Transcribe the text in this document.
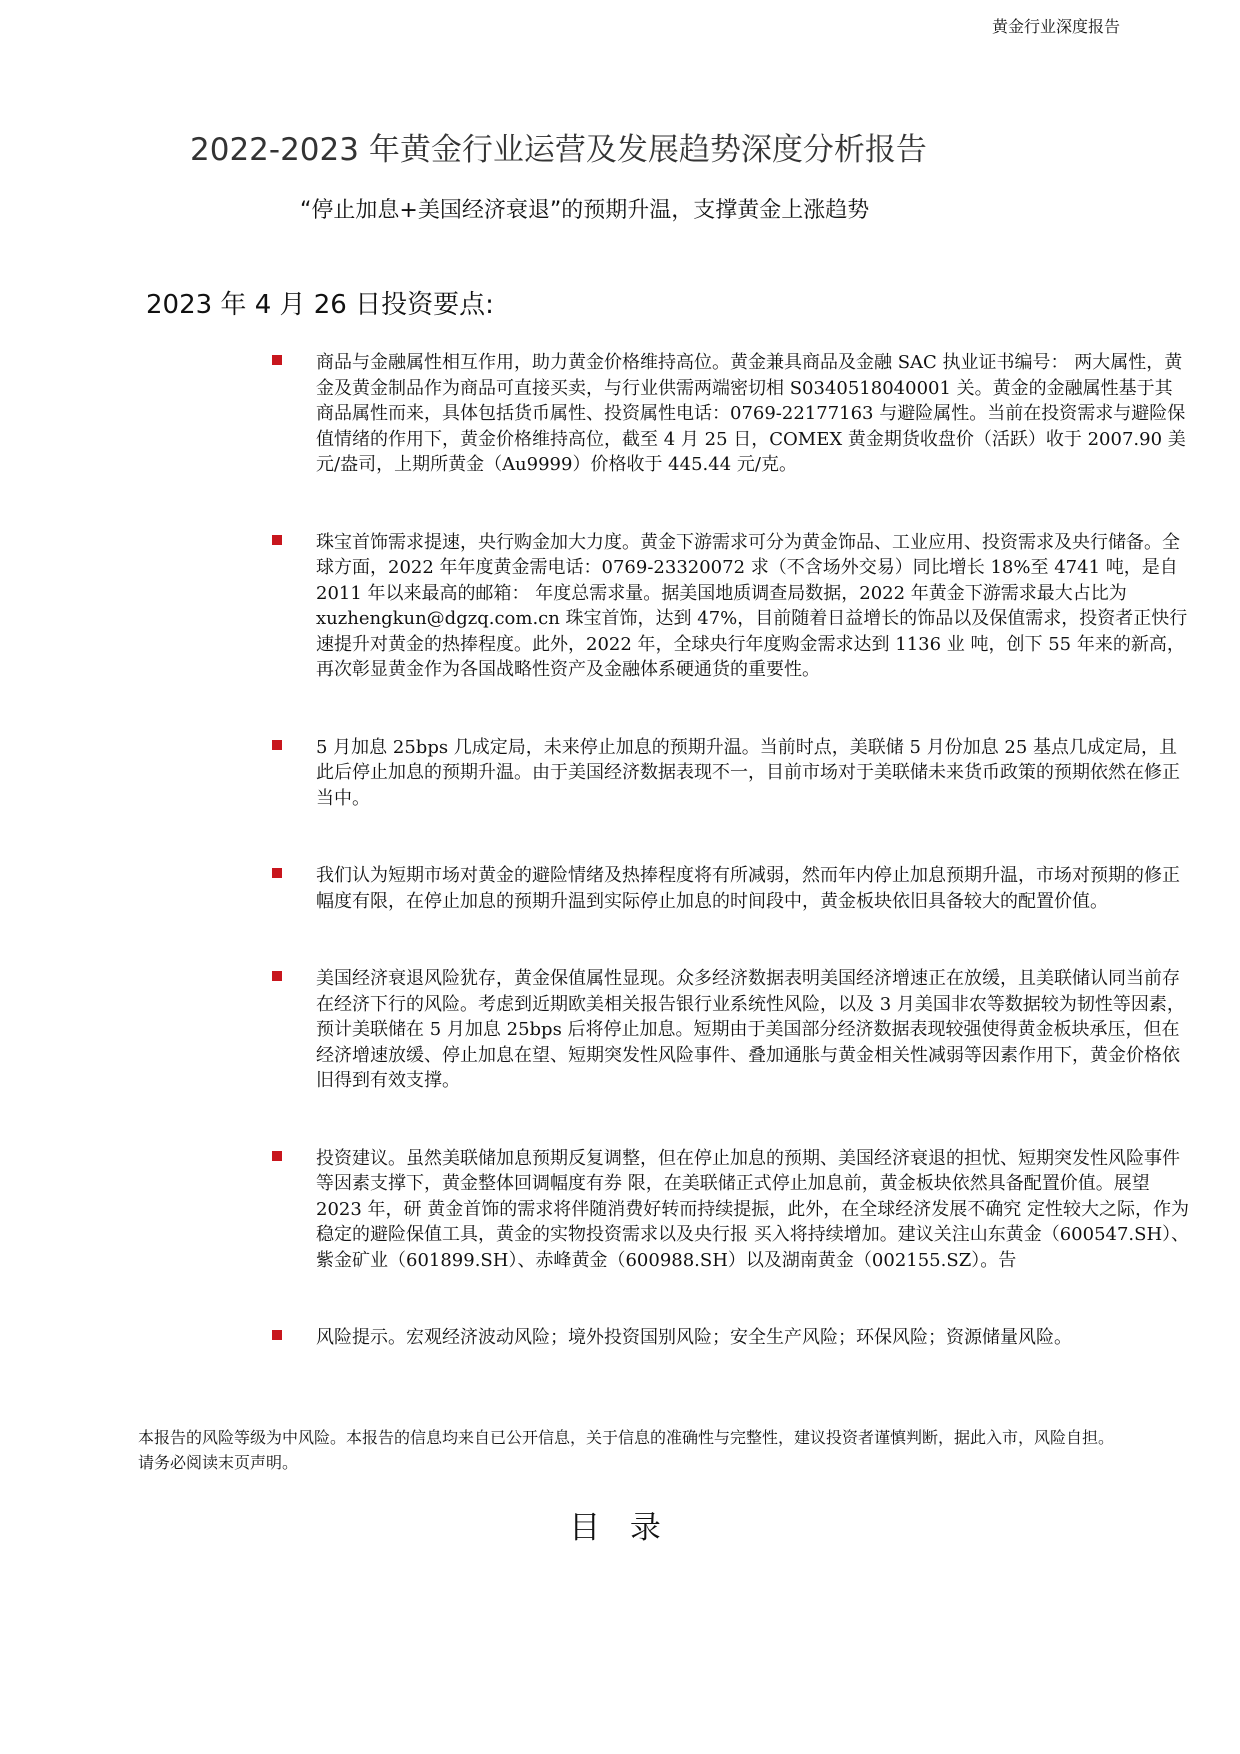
黄金行业深度报告
2022-2023 年黄金行业运营及发展趋势深度分析报告
“停止加息+美国经济衰退”的预期升温，支撑黄金上涨趋势
2023 年 4 月 26 日投资要点:
商品与金融属性相互作用，助力黄金价格维持高位。黄金兼具商品及金融 SAC 执业证书编号： 两大属性，黄金及黄金制品作为商品可直接买卖，与行业供需两端密切相 S0340518040001 关。黄金的金融属性基于其商品属性而来，具体包括货币属性、投资属性电话：0769-22177163 与避险属性。当前在投资需求与避险保值情绪的作用下，黄金价格维持高位，截至 4 月 25 日，COMEX 黄金期货收盘价（活跃）收于 2007.90 美元/盎司，上期所黄金（Au9999）价格收于 445.44 元/克。
珠宝首饰需求提速，央行购金加大力度。黄金下游需求可分为黄金饰品、工业应用、投资需求及央行储备。全球方面，2022 年年度黄金需电话：0769-23320072 求（不含场外交易）同比增长 18%至 4741 吨，是自 2011 年以来最高的邮箱： 年度总需求量。据美国地质调查局数据，2022 年黄金下游需求最大占比为 xuzhengkun@dgzq.com.cn 珠宝首饰，达到 47%，目前随着日益增长的饰品以及保值需求，投资者正快行 速提升对黄金的热捧程度。此外，2022 年，全球央行年度购金需求达到 1136 业 吨，创下 55 年来的新高，再次彰显黄金作为各国战略性资产及金融体系硬通货的重要性。
5 月加息 25bps 几成定局，未来停止加息的预期升温。当前时点，美联储 5 月份加息 25 基点几成定局，且此后停止加息的预期升温。由于美国经济数据表现不一，目前市场对于美联储未来货币政策的预期依然在修正当中。
我们认为短期市场对黄金的避险情绪及热捧程度将有所减弱，然而年内停止加息预期升温，市场对预期的修正幅度有限，在停止加息的预期升温到实际停止加息的时间段中，黄金板块依旧具备较大的配置价值。
美国经济衰退风险犹存，黄金保值属性显现。众多经济数据表明美国经济增速正在放缓，且美联储认同当前存在经济下行的风险。考虑到近期欧美相关报告银行业系统性风险，以及 3 月美国非农等数据较为韧性等因素，预计美联储在 5 月加息 25bps 后将停止加息。短期由于美国部分经济数据表现较强使得黄金板块承压，但在经济增速放缓、停止加息在望、短期突发性风险事件、叠加通胀与黄金相关性减弱等因素作用下，黄金价格依旧得到有效支撑。
投资建议。虽然美联储加息预期反复调整，但在停止加息的预期、美国经济衰退的担忧、短期突发性风险事件等因素支撑下，黄金整体回调幅度有券 限，在美联储正式停止加息前，黄金板块依然具备配置价值。展望 2023 年，研 黄金首饰的需求将伴随消费好转而持续提振，此外，在全球经济发展不确究 定性较大之际，作为稳定的避险保值工具，黄金的实物投资需求以及央行报 买入将持续增加。建议关注山东黄金（600547.SH）、紫金矿业（601899.SH）、赤峰黄金（600988.SH）以及湖南黄金（002155.SZ）。告
风险提示。宏观经济波动风险；境外投资国别风险；安全生产风险；环保风险；资源储量风险。
本报告的风险等级为中风险。本报告的信息均来自已公开信息，关于信息的准确性与完整性，建议投资者谨慎判断，据此入市，风险自担。
请务必阅读末页声明。
目 录
